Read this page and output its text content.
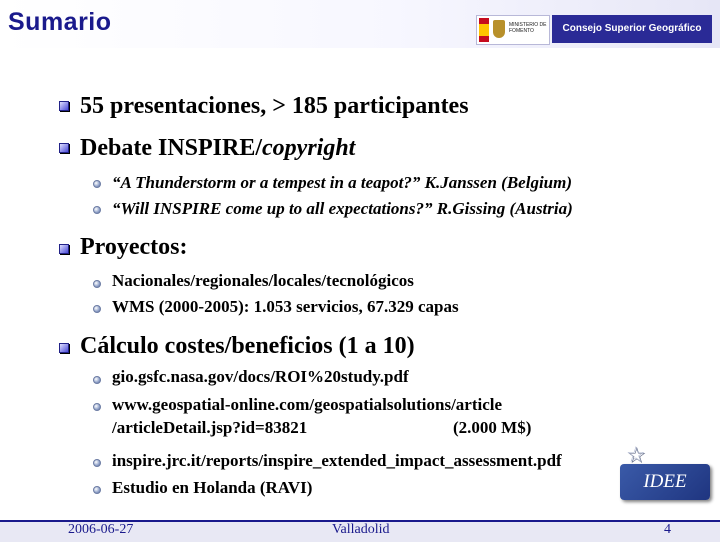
Sumario	MINISTERIO DE FOMENTO	Consejo Superior Geográfico
55 presentaciones, > 185 participantes
Debate INSPIRE/copyright
“A Thunderstorm or a tempest in a teapot?” K.Janssen (Belgium)
“Will INSPIRE come up to all expectations?” R.Gissing (Austria)
Proyectos:
Nacionales/regionales/locales/tecnológicos
WMS (2000-2005): 1.053 servicios, 67.329 capas
Cálculo costes/beneficios (1 a 10)
gio.gsfc.nasa.gov/docs/ROI%20study.pdf
www.geospatial-online.com/geospatialsolutions/article
/articleDetail.jsp?id=83821	(2.000 M$)
inspire.jrc.it/reports/inspire_extended_impact_assessment.pdf
Estudio en Holanda (RAVI)	IDEE
☆
2006-06-27	Valladolid	4
